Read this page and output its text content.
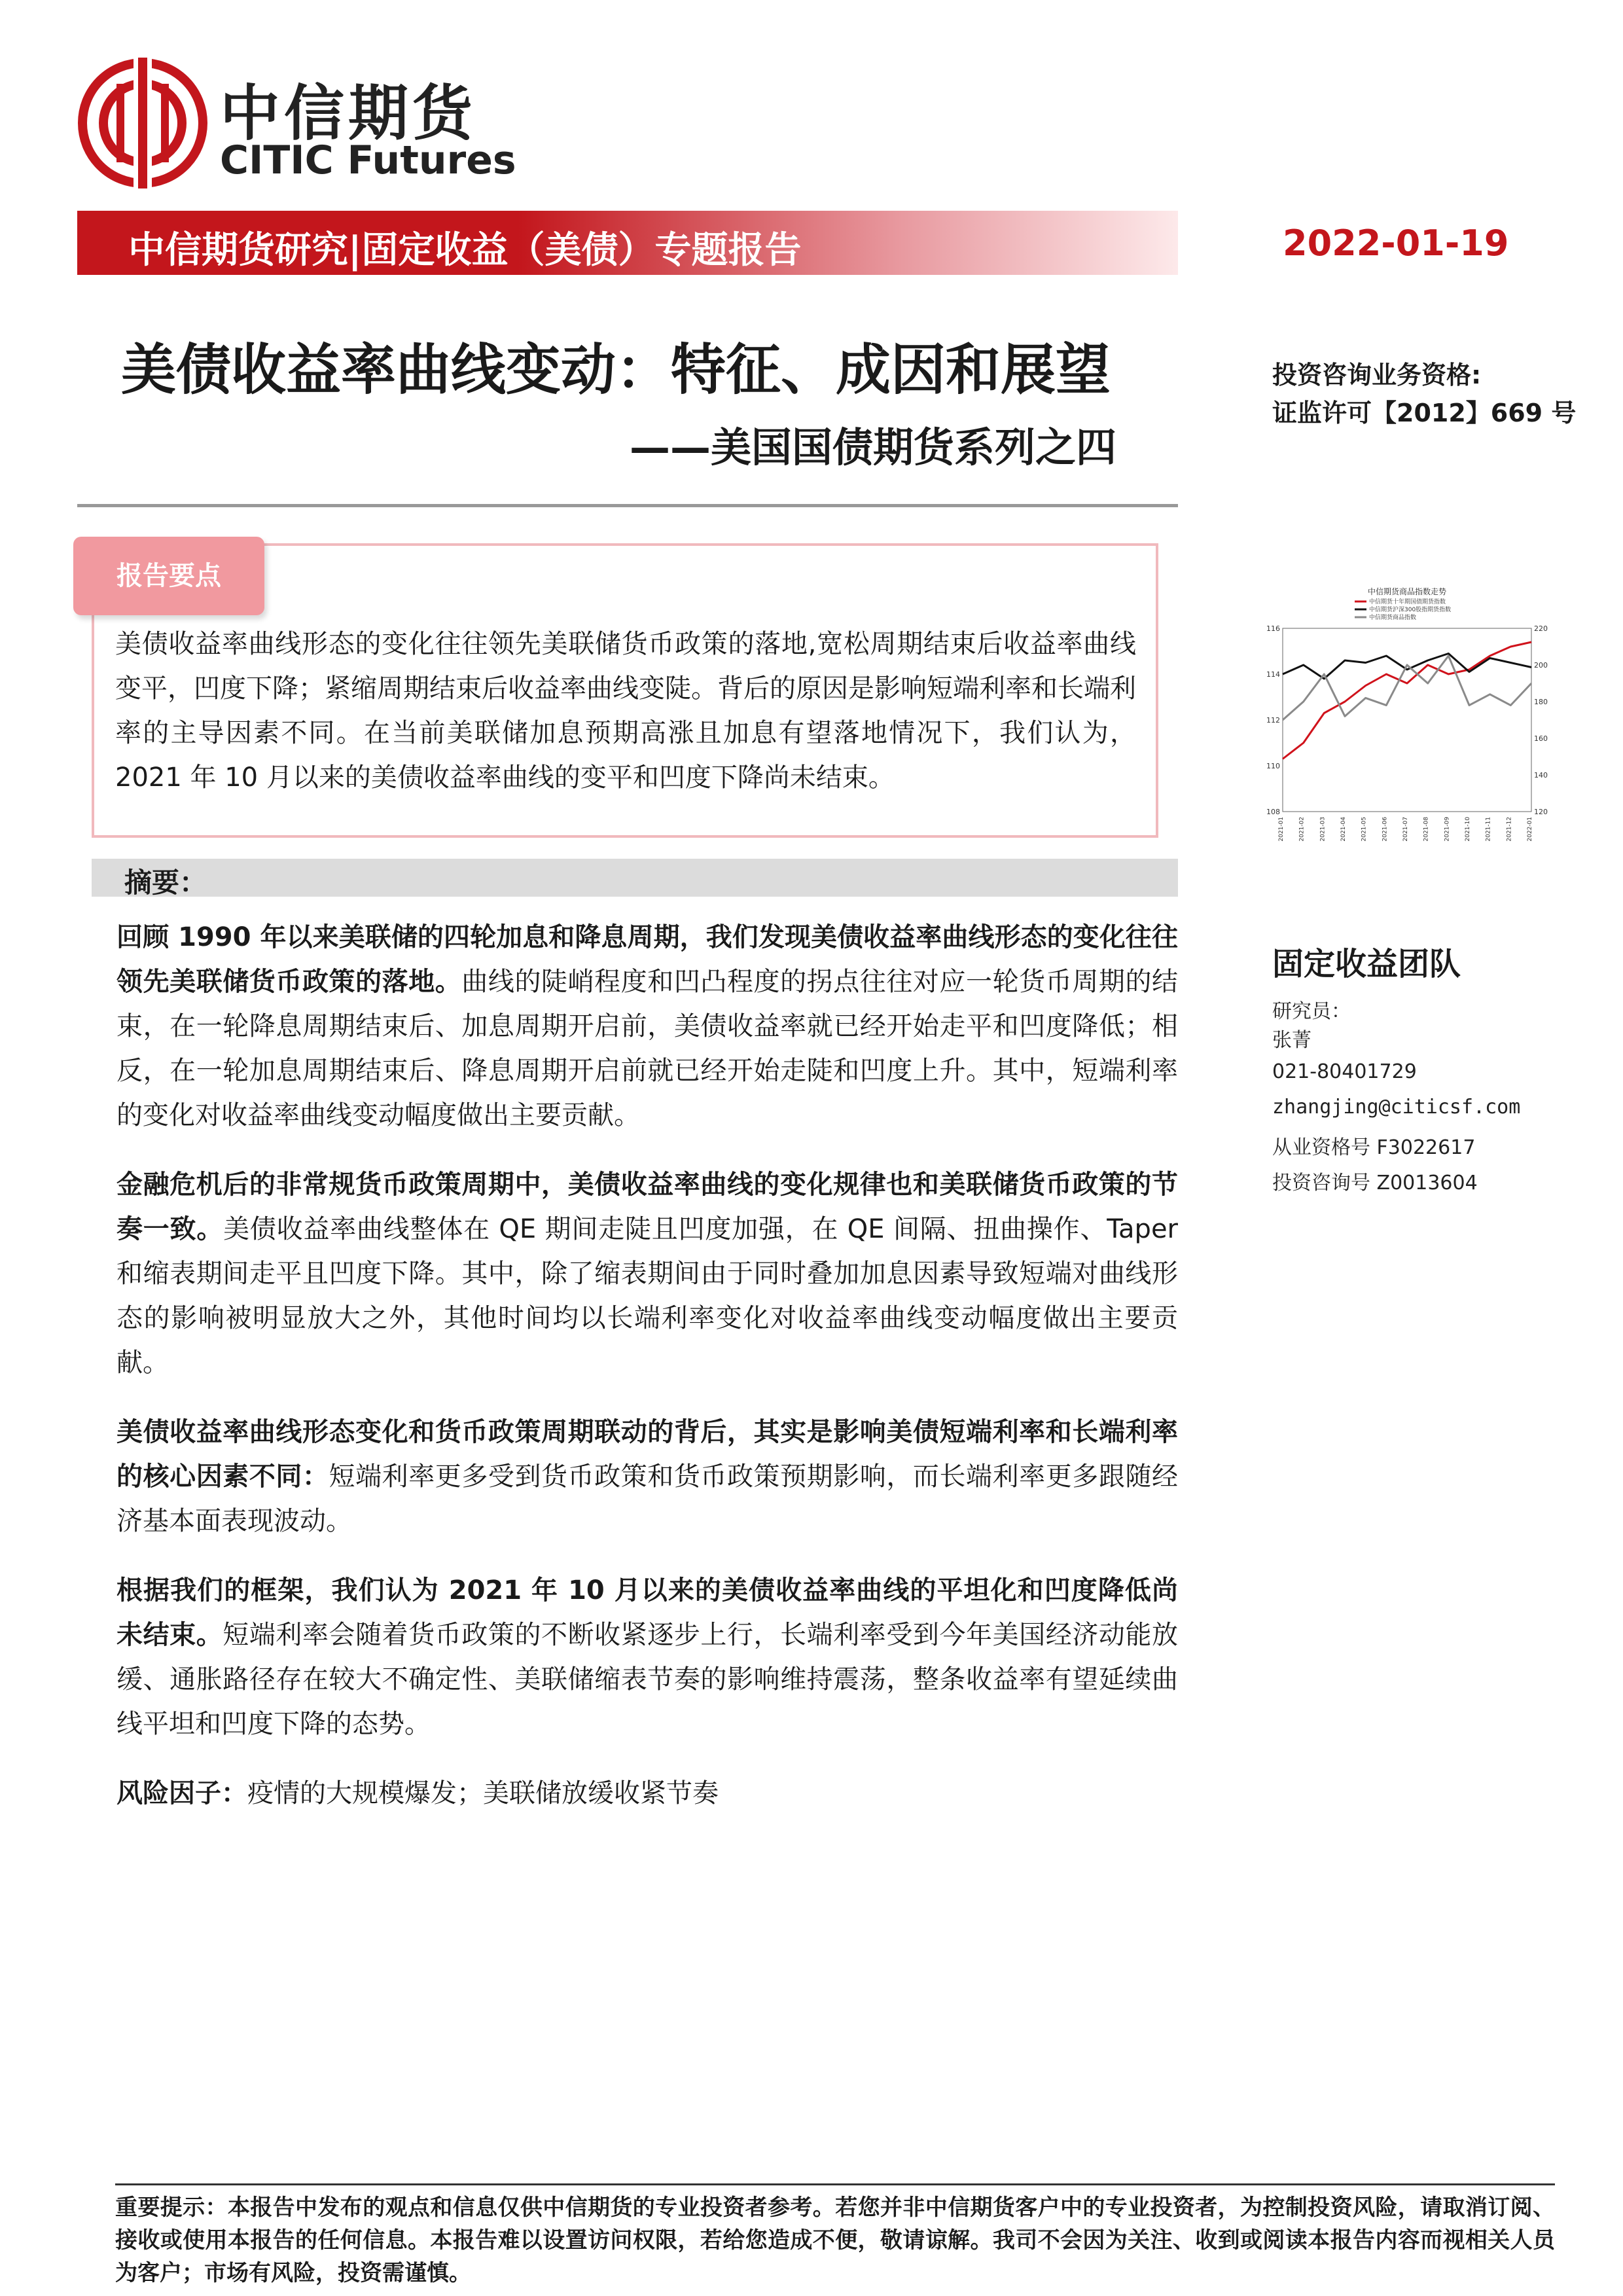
中信期货
CITIC Futures
中信期货研究|固定收益（美债）专题报告	2022-01-19
美债收益率曲线变动：特征、成因和展望
——美国国债期货系列之四
投资咨询业务资格:
证监许可【2012】669 号
报告要点
美债收益率曲线形态的变化往往领先美联储货币政策的落地,宽松周期结束后收益率曲线变平，凹度下降；紧缩周期结束后收益率曲线变陡。背后的原因是影响短端利率和长端利率的主导因素不同。在当前美联储加息预期高涨且加息有望落地情况下，我们认为，2021 年 10 月以来的美债收益率曲线的变平和凹度下降尚未结束。
摘要：
回顾 1990 年以来美联储的四轮加息和降息周期，我们发现美债收益率曲线形态的变化往往领先美联储货币政策的落地。曲线的陡峭程度和凹凸程度的拐点往往对应一轮货币周期的结束，在一轮降息周期结束后、加息周期开启前，美债收益率就已经开始走平和凹度降低；相反，在一轮加息周期结束后、降息周期开启前就已经开始走陡和凹度上升。其中，短端利率的变化对收益率曲线变动幅度做出主要贡献。
金融危机后的非常规货币政策周期中，美债收益率曲线的变化规律也和美联储货币政策的节奏一致。美债收益率曲线整体在 QE 期间走陡且凹度加强，在 QE 间隔、扭曲操作、Taper 和缩表期间走平且凹度下降。其中，除了缩表期间由于同时叠加加息因素导致短端对曲线形态的影响被明显放大之外，其他时间均以长端利率变化对收益率曲线变动幅度做出主要贡献。
美债收益率曲线形态变化和货币政策周期联动的背后，其实是影响美债短端利率和长端利率的核心因素不同：短端利率更多受到货币政策和货币政策预期影响，而长端利率更多跟随经济基本面表现波动。
根据我们的框架，我们认为 2021 年 10 月以来的美债收益率曲线的平坦化和凹度降低尚未结束。短端利率会随着货币政策的不断收紧逐步上行，长端利率受到今年美国经济动能放缓、通胀路径存在较大不确定性、美联储缩表节奏的影响维持震荡，整条收益率有望延续曲线平坦和凹度下降的态势。
风险因子：疫情的大规模爆发；美联储放缓收紧节奏
中信期货商品指数走势
中信期货十年期国债期货指数
中信期货沪深300股指期货指数
中信期货商品指数
108
110
112
114
116
120
140
160
180
200
220
2021-01 2021-02 2021-03 2021-04 2021-05 2021-06 2021-07 2021-08 2021-09 2021-10 2021-11 2021-12 2022-01
固定收益团队
研究员：
张菁
021-80401729
zhangjing@citicsf.com
从业资格号 F3022617
投资咨询号 Z0013604
重要提示：本报告中发布的观点和信息仅供中信期货的专业投资者参考。若您并非中信期货客户中的专业投资者，为控制投资风险，请取消订阅、接收或使用本报告的任何信息。本报告难以设置访问权限，若给您造成不便，敬请谅解。我司不会因为关注、收到或阅读本报告内容而视相关人员为客户；市场有风险，投资需谨慎。
